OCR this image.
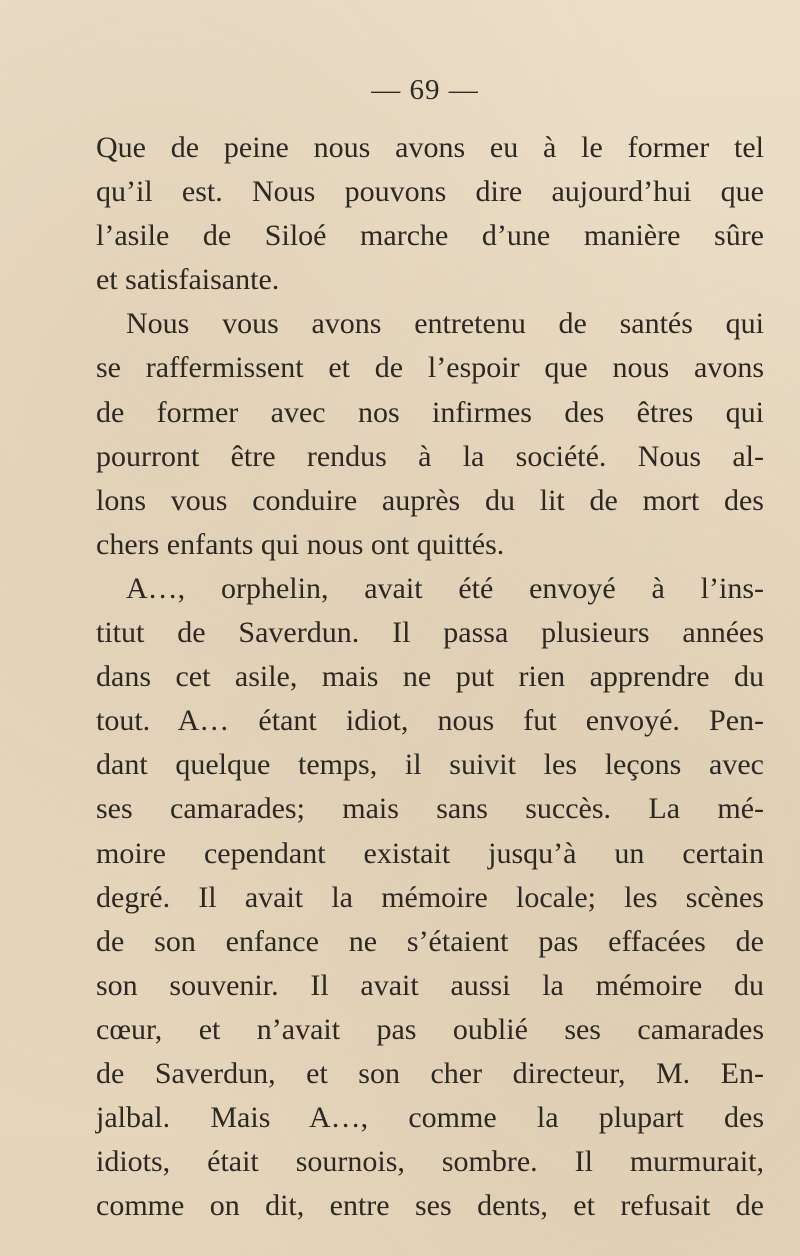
— 69 —
Que de peine nous avons eu à le former tel
qu’il est. Nous pouvons dire aujourd’hui que
l’asile de Siloé marche d’une manière sûre
et satisfaisante.
Nous vous avons entretenu de santés qui
se raffermissent et de l’espoir que nous avons
de former avec nos infirmes des êtres qui
pourront être rendus à la société. Nous al-
lons vous conduire auprès du lit de mort des
chers enfants qui nous ont quittés.
A…, orphelin, avait été envoyé à l’ins-
titut de Saverdun. Il passa plusieurs années
dans cet asile, mais ne put rien apprendre du
tout. A… étant idiot, nous fut envoyé. Pen-
dant quelque temps, il suivit les leçons avec
ses camarades; mais sans succès. La mé-
moire cependant existait jusqu’à un certain
degré. Il avait la mémoire locale; les scènes
de son enfance ne s’étaient pas effacées de
son souvenir. Il avait aussi la mémoire du
cœur, et n’avait pas oublié ses camarades
de Saverdun, et son cher directeur, M. En-
jalbal. Mais A…, comme la plupart des
idiots, était sournois, sombre. Il murmurait,
comme on dit, entre ses dents, et refusait de
